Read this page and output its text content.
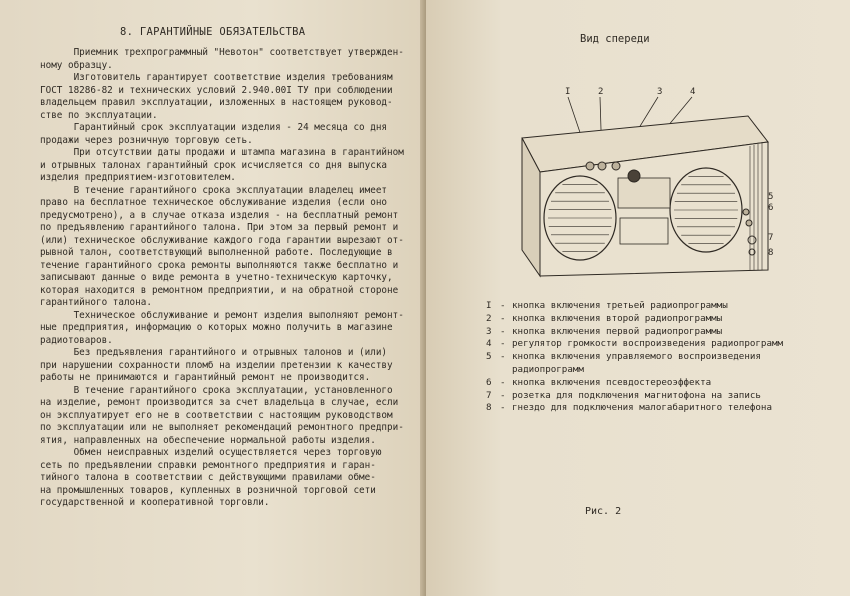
8. ГАРАНТИЙНЫЕ ОБЯЗАТЕЛЬСТВА
Приемник трехпрограммный "Невотон" соответствует утвержден-
ному образцу.
Изготовитель гарантирует соответствие изделия требованиям
ГОСТ 18286-82 и технических условий 2.940.00I ТУ при соблюдении
владельцем правил эксплуатации, изложенных в настоящем руковод-
стве по эксплуатации.
Гарантийный срок эксплуатации изделия - 24 месяца со дня
продажи через розничную торговую сеть.
При отсутствии даты продажи и штампа магазина в гарантийном
и отрывных талонах гарантийный срок исчисляется со дня выпуска
изделия предприятием-изготовителем.
В течение гарантийного срока эксплуатации владелец имеет
право на бесплатное техническое обслуживание изделия (если оно
предусмотрено), а в случае отказа изделия - на бесплатный ремонт
по предъявлению гарантийного талона. При этом за первый ремонт и
(или) техническое обслуживание каждого года гарантии вырезают от-
рывной талон, соответствующий выполненной работе. Последующие в
течение гарантийного срока ремонты выполняются также бесплатно и
записывают данные о виде ремонта в учетно-техническую карточку,
которая находится в ремонтном предприятии, и на обратной стороне
гарантийного талона.
Техническое обслуживание и ремонт изделия выполняют ремонт-
ные предприятия, информацию о которых можно получить в магазине
радиотоваров.
Без предъявления гарантийного и отрывных талонов и (или)
при нарушении сохранности пломб на изделии претензии к качеству
работы не принимаются и гарантийный ремонт не производится.
В течение гарантийного срока эксплуатации, установленного
на изделие, ремонт производится за счет владельца в случае, если
он эксплуатирует его не в соответствии с настоящим руководством
по эксплуатации или не выполняет рекомендаций ремонтного предпри-
ятия, направленных на обеспечение нормальной работы изделия.
Обмен неисправных изделий осуществляется через торговую
сеть по предъявлении справки ремонтного предприятия и гаран-
тийного талона в соответствии с действующими правилами обме-
на промышленных товаров, купленных в розничной торговой сети
государственной и кооперативной торговли.
Вид спереди
I	2	3	4
5
6
7
8
I - кнопка включения третьей радиопрограммы
2 - кнопка включения второй радиопрограммы
3 - кнопка включения первой радиопрограммы
4 - регулятор громкости воспроизведения радиопрограмм
5 - кнопка включения управляемого воспроизведения
радиопрограмм
6 - кнопка включения псевдостереоэффекта
7 - розетка для подключения магнитофона на запись
8 - гнездо для подключения малогабаритного телефона
Рис. 2
